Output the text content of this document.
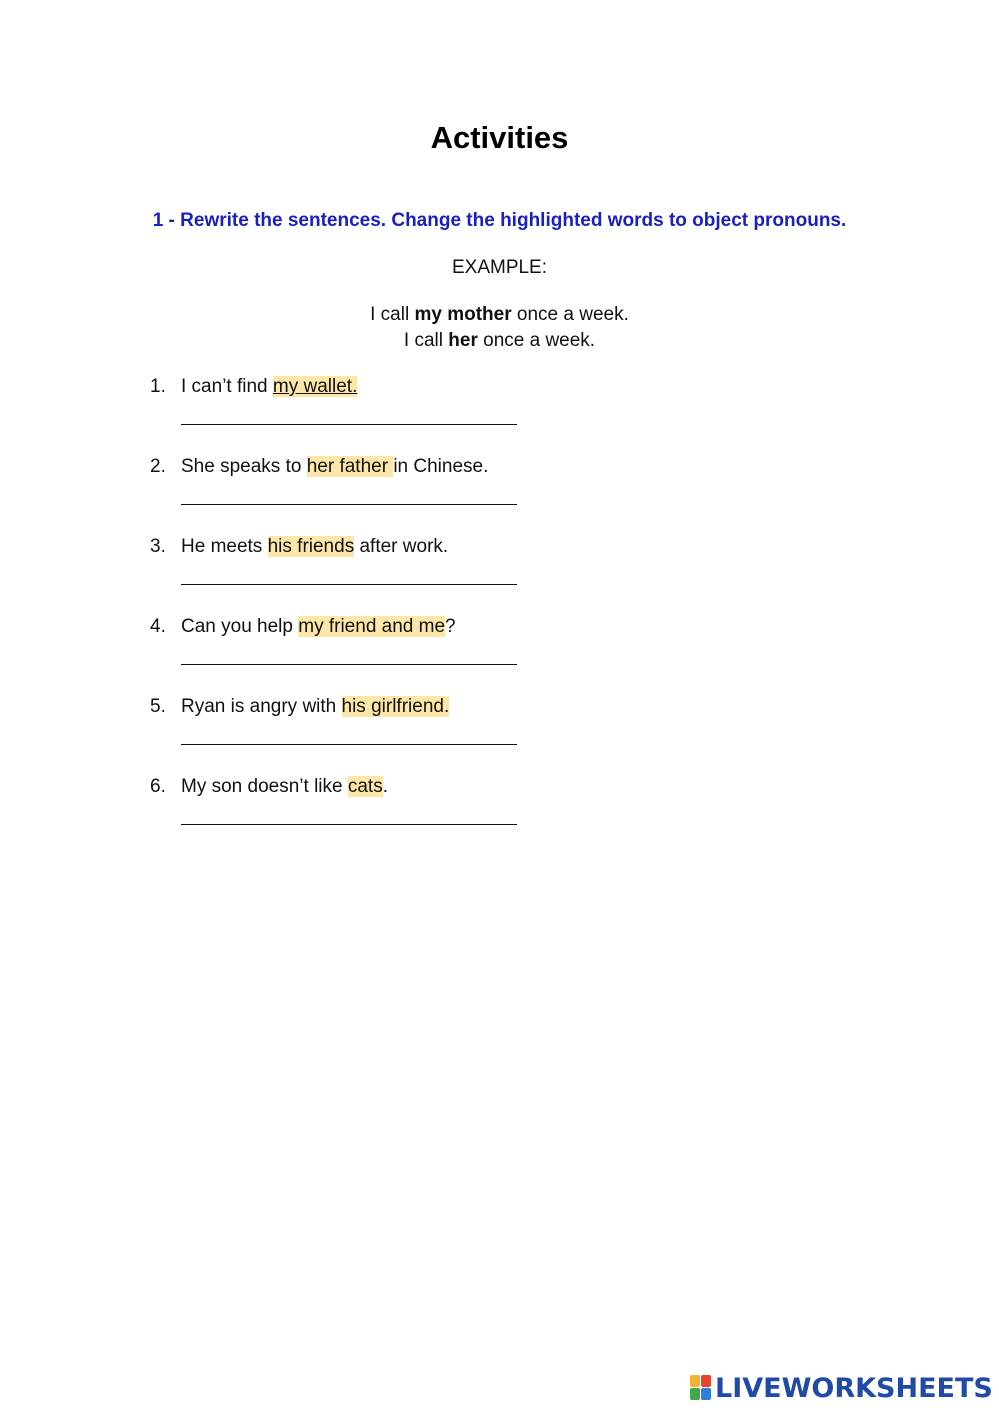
Activities
1 - Rewrite the sentences. Change the highlighted words to object pronouns.
EXAMPLE:
I call my mother once a week.
I call her once a week.
1. I can’t find my wallet.
2. She speaks to her father in Chinese.
3. He meets his friends after work.
4. Can you help my friend and me?
5. Ryan is angry with his girlfriend.
6. My son doesn’t like cats.
LIVEWORKSHEETS
